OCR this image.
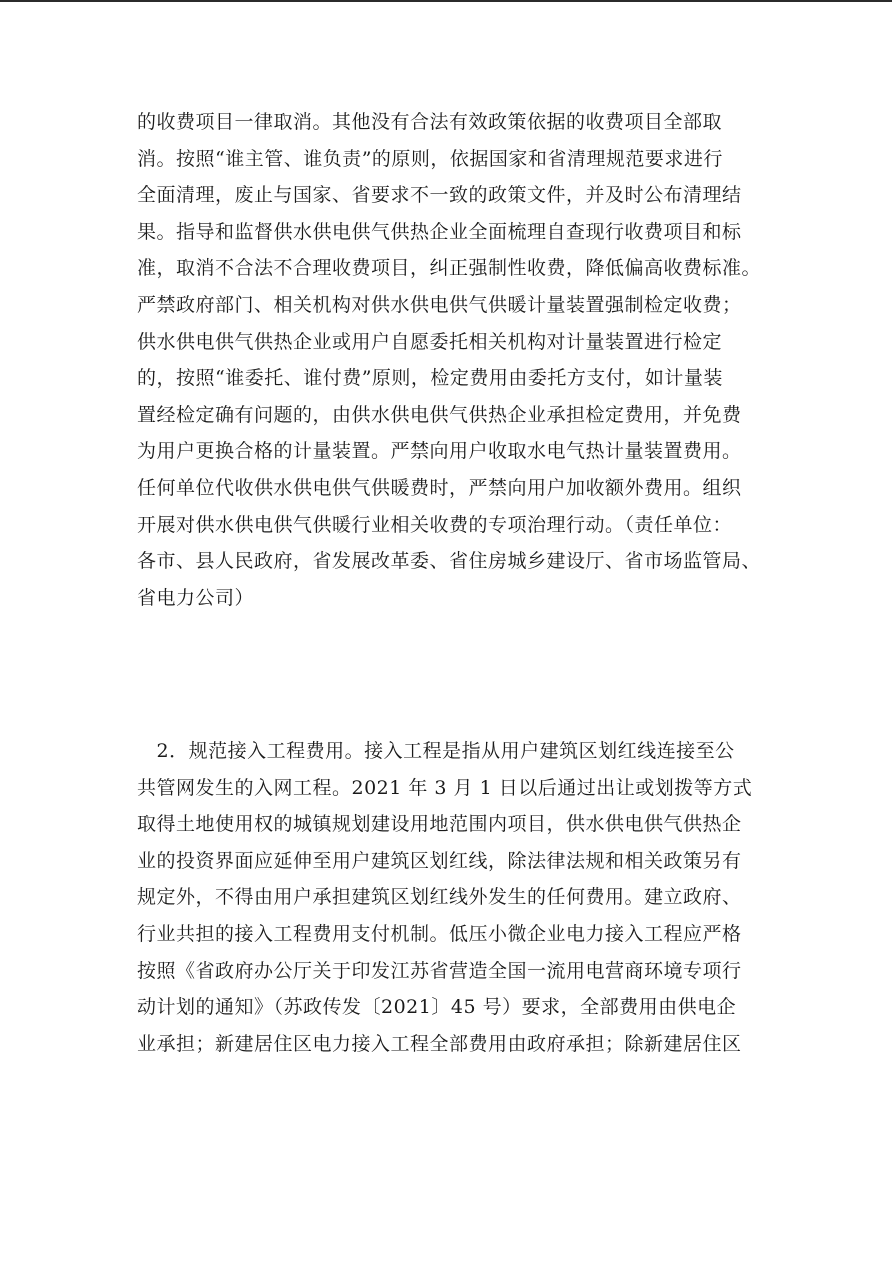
的收费项目一律取消。其他没有合法有效政策依据的收费项目全部取
消。按照“谁主管、谁负责”的原则，依据国家和省清理规范要求进行
全面清理，废止与国家、省要求不一致的政策文件，并及时公布清理结
果。指导和监督供水供电供气供热企业全面梳理自查现行收费项目和标
准，取消不合法不合理收费项目，纠正强制性收费，降低偏高收费标准。
严禁政府部门、相关机构对供水供电供气供暖计量装置强制检定收费；
供水供电供气供热企业或用户自愿委托相关机构对计量装置进行检定
的，按照“谁委托、谁付费”原则，检定费用由委托方支付，如计量装
置经检定确有问题的，由供水供电供气供热企业承担检定费用，并免费
为用户更换合格的计量装置。严禁向用户收取水电气热计量装置费用。
任何单位代收供水供电供气供暖费时，严禁向用户加收额外费用。组织
开展对供水供电供气供暖行业相关收费的专项治理行动。（责任单位：
各市、县人民政府，省发展改革委、省住房城乡建设厅、省市场监管局、
省电力公司）
　2．规范接入工程费用。接入工程是指从用户建筑区划红线连接至公
共管网发生的入网工程。2021 年 3 月 1 日以后通过出让或划拨等方式
取得土地使用权的城镇规划建设用地范围内项目，供水供电供气供热企
业的投资界面应延伸至用户建筑区划红线，除法律法规和相关政策另有
规定外，不得由用户承担建筑区划红线外发生的任何费用。建立政府、
行业共担的接入工程费用支付机制。低压小微企业电力接入工程应严格
按照《省政府办公厅关于印发江苏省营造全国一流用电营商环境专项行
动计划的通知》（苏政传发〔2021〕45 号）要求，全部费用由供电企
业承担；新建居住区电力接入工程全部费用由政府承担；除新建居住区
